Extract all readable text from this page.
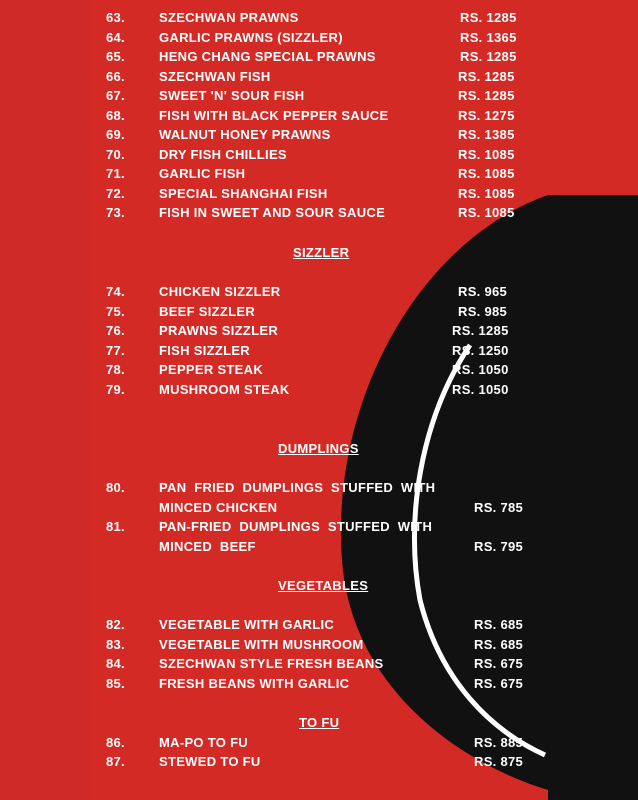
63.	SZECHWAN PRAWNS	RS. 1285
64.	GARLIC PRAWNS (SIZZLER)	RS. 1365
65.	HENG CHANG SPECIAL PRAWNS	RS. 1285
66.	SZECHWAN FISH	RS. 1285
67.	SWEET 'N' SOUR FISH	RS. 1285
68.	FISH WITH BLACK PEPPER SAUCE	RS. 1275
69.	WALNUT HONEY PRAWNS	RS. 1385
70.	DRY FISH CHILLIES	RS. 1085
71.	GARLIC FISH	RS. 1085
72.	SPECIAL SHANGHAI FISH	RS. 1085
73.	FISH IN SWEET AND SOUR SAUCE	RS. 1085
SIZZLER
74.	CHICKEN SIZZLER	RS. 965
75.	BEEF SIZZLER	RS. 985
76.	PRAWNS SIZZLER	RS. 1285
77.	FISH SIZZLER	RS. 1250
78.	PEPPER STEAK	RS. 1050
79.	MUSHROOM STEAK	RS. 1050
DUMPLINGS
80.	PAN  FRIED  DUMPLINGS  STUFFED  WITH
MINCED CHICKEN	RS. 785
81.	PAN-FRIED  DUMPLINGS  STUFFED  WITH
MINCED  BEEF	RS. 795
VEGETABLES
82.	VEGETABLE WITH GARLIC	RS. 685
83.	VEGETABLE WITH MUSHROOM	RS. 685
84.	SZECHWAN STYLE FRESH BEANS	RS. 675
85.	FRESH BEANS WITH GARLIC	RS. 675
TO FU
86.	MA-PO TO FU	RS. 885
87.	STEWED TO FU	RS. 875
